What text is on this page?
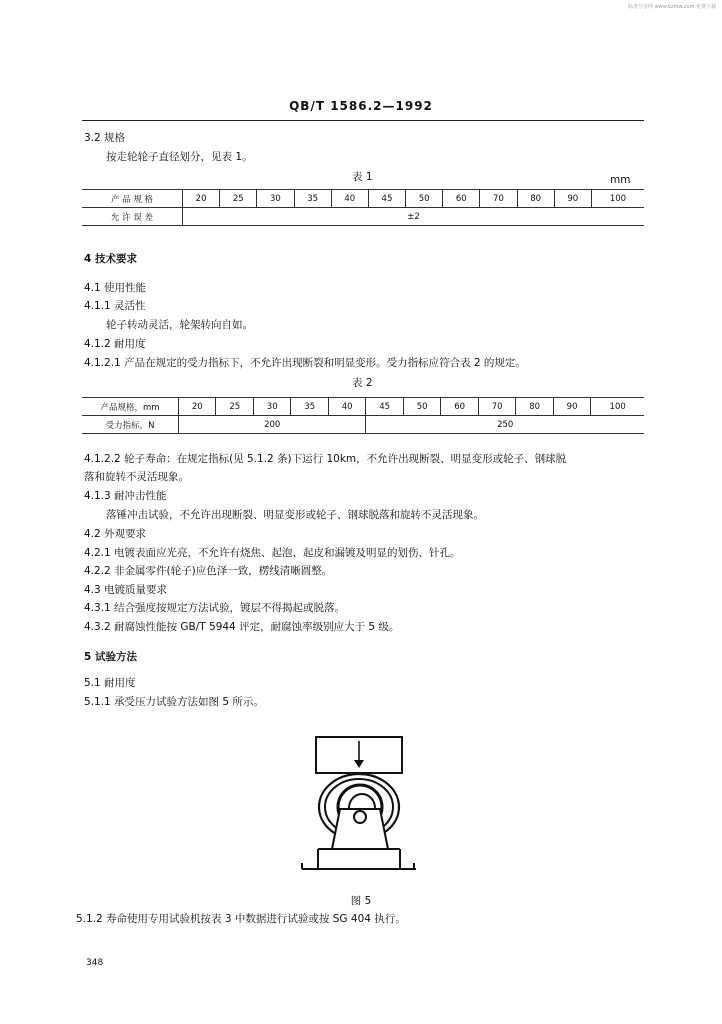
标准分享网 www.bzfxw.com 免费下载
QB/T 1586.2—1992
3.2 规格
按走轮轮子直径划分，见表 1。
表 1	mm
产 品 规 格	20	25	30	35	40	45	50	60	70	80	90	100
允 许 误 差	±2											
4 技术要求
4.1 使用性能
4.1.1 灵活性
轮子转动灵活，轮架转向自如。
4.1.2 耐用度
4.1.2.1 产品在规定的受力指标下，不允许出现断裂和明显变形。受力指标应符合表 2 的规定。
表 2
产品规格，mm	20	25	30	35	40	45	50	60	70	80	90	100
受力指标，N	200					250						
4.1.2.2 轮子寿命：在规定指标(见 5.1.2 条)下运行 10km，不允许出现断裂、明显变形或轮子、钢球脱
落和旋转不灵活现象。
4.1.3 耐冲击性能
落锤冲击试验，不允许出现断裂、明显变形或轮子、钢球脱落和旋转不灵活现象。
4.2 外观要求
4.2.1 电镀表面应光亮，不允许有烧焦、起泡、起皮和漏镀及明显的划伤、针孔。
4.2.2 非金属零件(轮子)应色泽一致，楞线清晰圆整。
4.3 电镀质量要求
4.3.1 结合强度按规定方法试验，镀层不得揭起或脱落。
4.3.2 耐腐蚀性能按 GB/T 5944 评定，耐腐蚀率级别应大于 5 级。
5 试验方法
5.1 耐用度
5.1.1 承受压力试验方法如图 5 所示。
图 5
5.1.2 寿命使用专用试验机按表 3 中数据进行试验或按 SG 404 执行。
348
